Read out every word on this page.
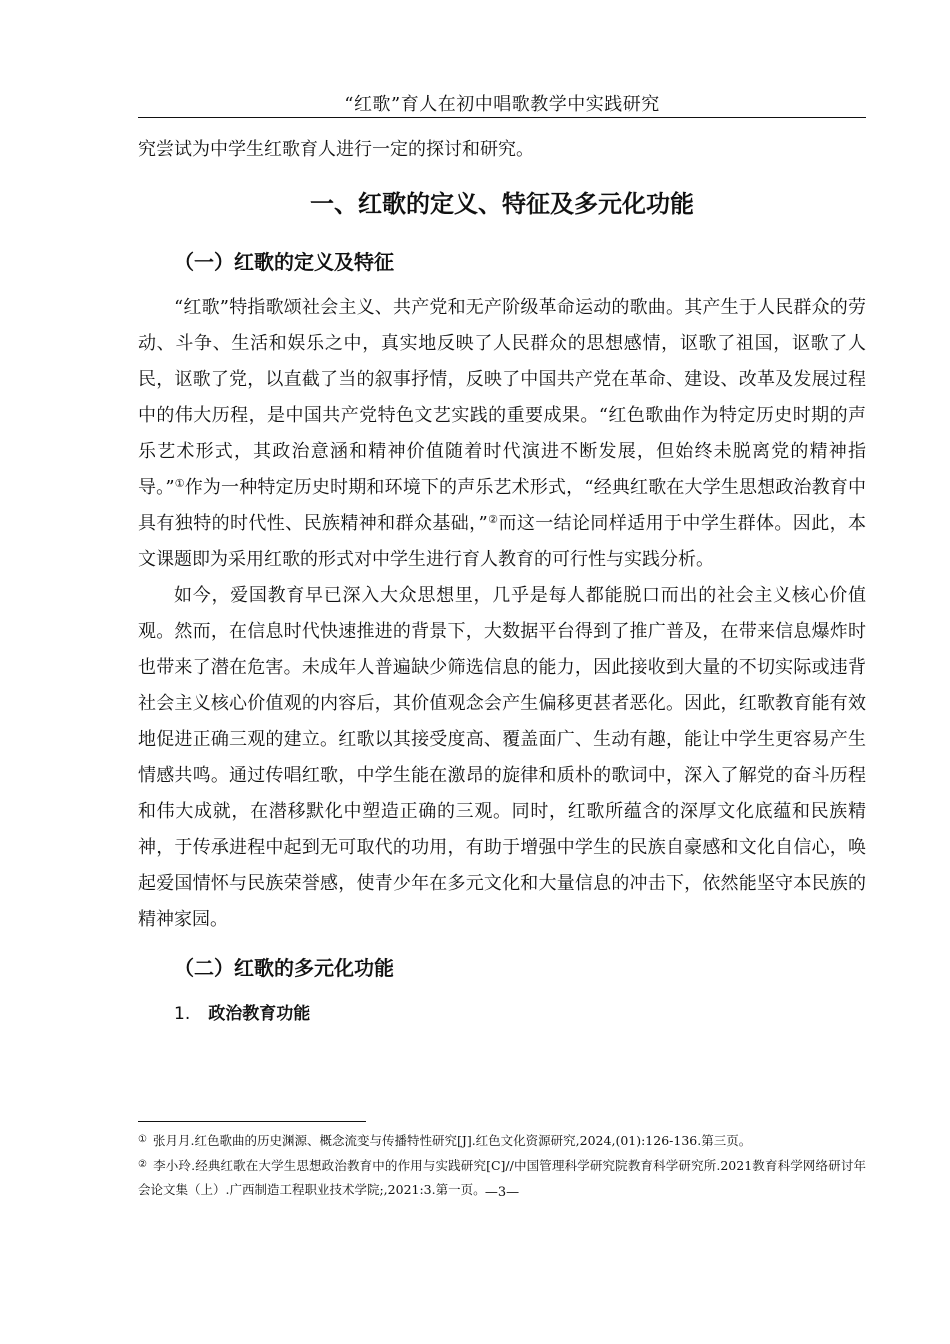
“红歌”育人在初中唱歌教学中实践研究

究尝试为中学生红歌育人进行一定的探讨和研究。

一、红歌的定义、特征及多元化功能
（一）红歌的定义及特征

“红歌”特指歌颂社会主义、共产党和无产阶级革命运动的歌曲。其产生于人民群众的劳动、斗争、生活和娱乐之中，真实地反映了人民群众的思想感情，讴歌了祖国，讴歌了人民，讴歌了党，以直截了当的叙事抒情，反映了中国共产党在革命、建设、改革及发展过程中的伟大历程，是中国共产党特色文艺实践的重要成果。“红色歌曲作为特定历史时期的声乐艺术形式，其政治意涵和精神价值随着时代演进不断发展，但始终未脱离党的精神指导。”①作为一种特定历史时期和环境下的声乐艺术形式，“经典红歌在大学生思想政治教育中具有独特的时代性、民族精神和群众基础，”②而这一结论同样适用于中学生群体。因此，本文课题即为采用红歌的形式对中学生进行育人教育的可行性与实践分析。

如今，爱国教育早已深入大众思想里，几乎是每人都能脱口而出的社会主义核心价值观。然而，在信息时代快速推进的背景下，大数据平台得到了推广普及，在带来信息爆炸时也带来了潜在危害。未成年人普遍缺少筛选信息的能力，因此接收到大量的不切实际或违背社会主义核心价值观的内容后，其价值观念会产生偏移更甚者恶化。因此，红歌教育能有效地促进正确三观的建立。红歌以其接受度高、覆盖面广、生动有趣，能让中学生更容易产生情感共鸣。通过传唱红歌，中学生能在激昂的旋律和质朴的歌词中，深入了解党的奋斗历程和伟大成就，在潜移默化中塑造正确的三观。同时，红歌所蕴含的深厚文化底蕴和民族精神，于传承进程中起到无可取代的功用，有助于增强中学生的民族自豪感和文化自信心，唤起爱国情怀与民族荣誉感，使青少年在多元文化和大量信息的冲击下，依然能坚守本民族的精神家园。

（二）红歌的多元化功能
1. 政治教育功能

① 张月月.红色歌曲的历史渊源、概念流变与传播特性研究[J].红色文化资源研究,2024,(01):126-136.第三页。

② 李小玲.经典红歌在大学生思想政治教育中的作用与实践研究[C]//中国管理科学研究院教育科学研究所.2021教育科学网络研讨年会论文集（上）.广西制造工程职业技术学院;,2021:3.第一页。 —3—
